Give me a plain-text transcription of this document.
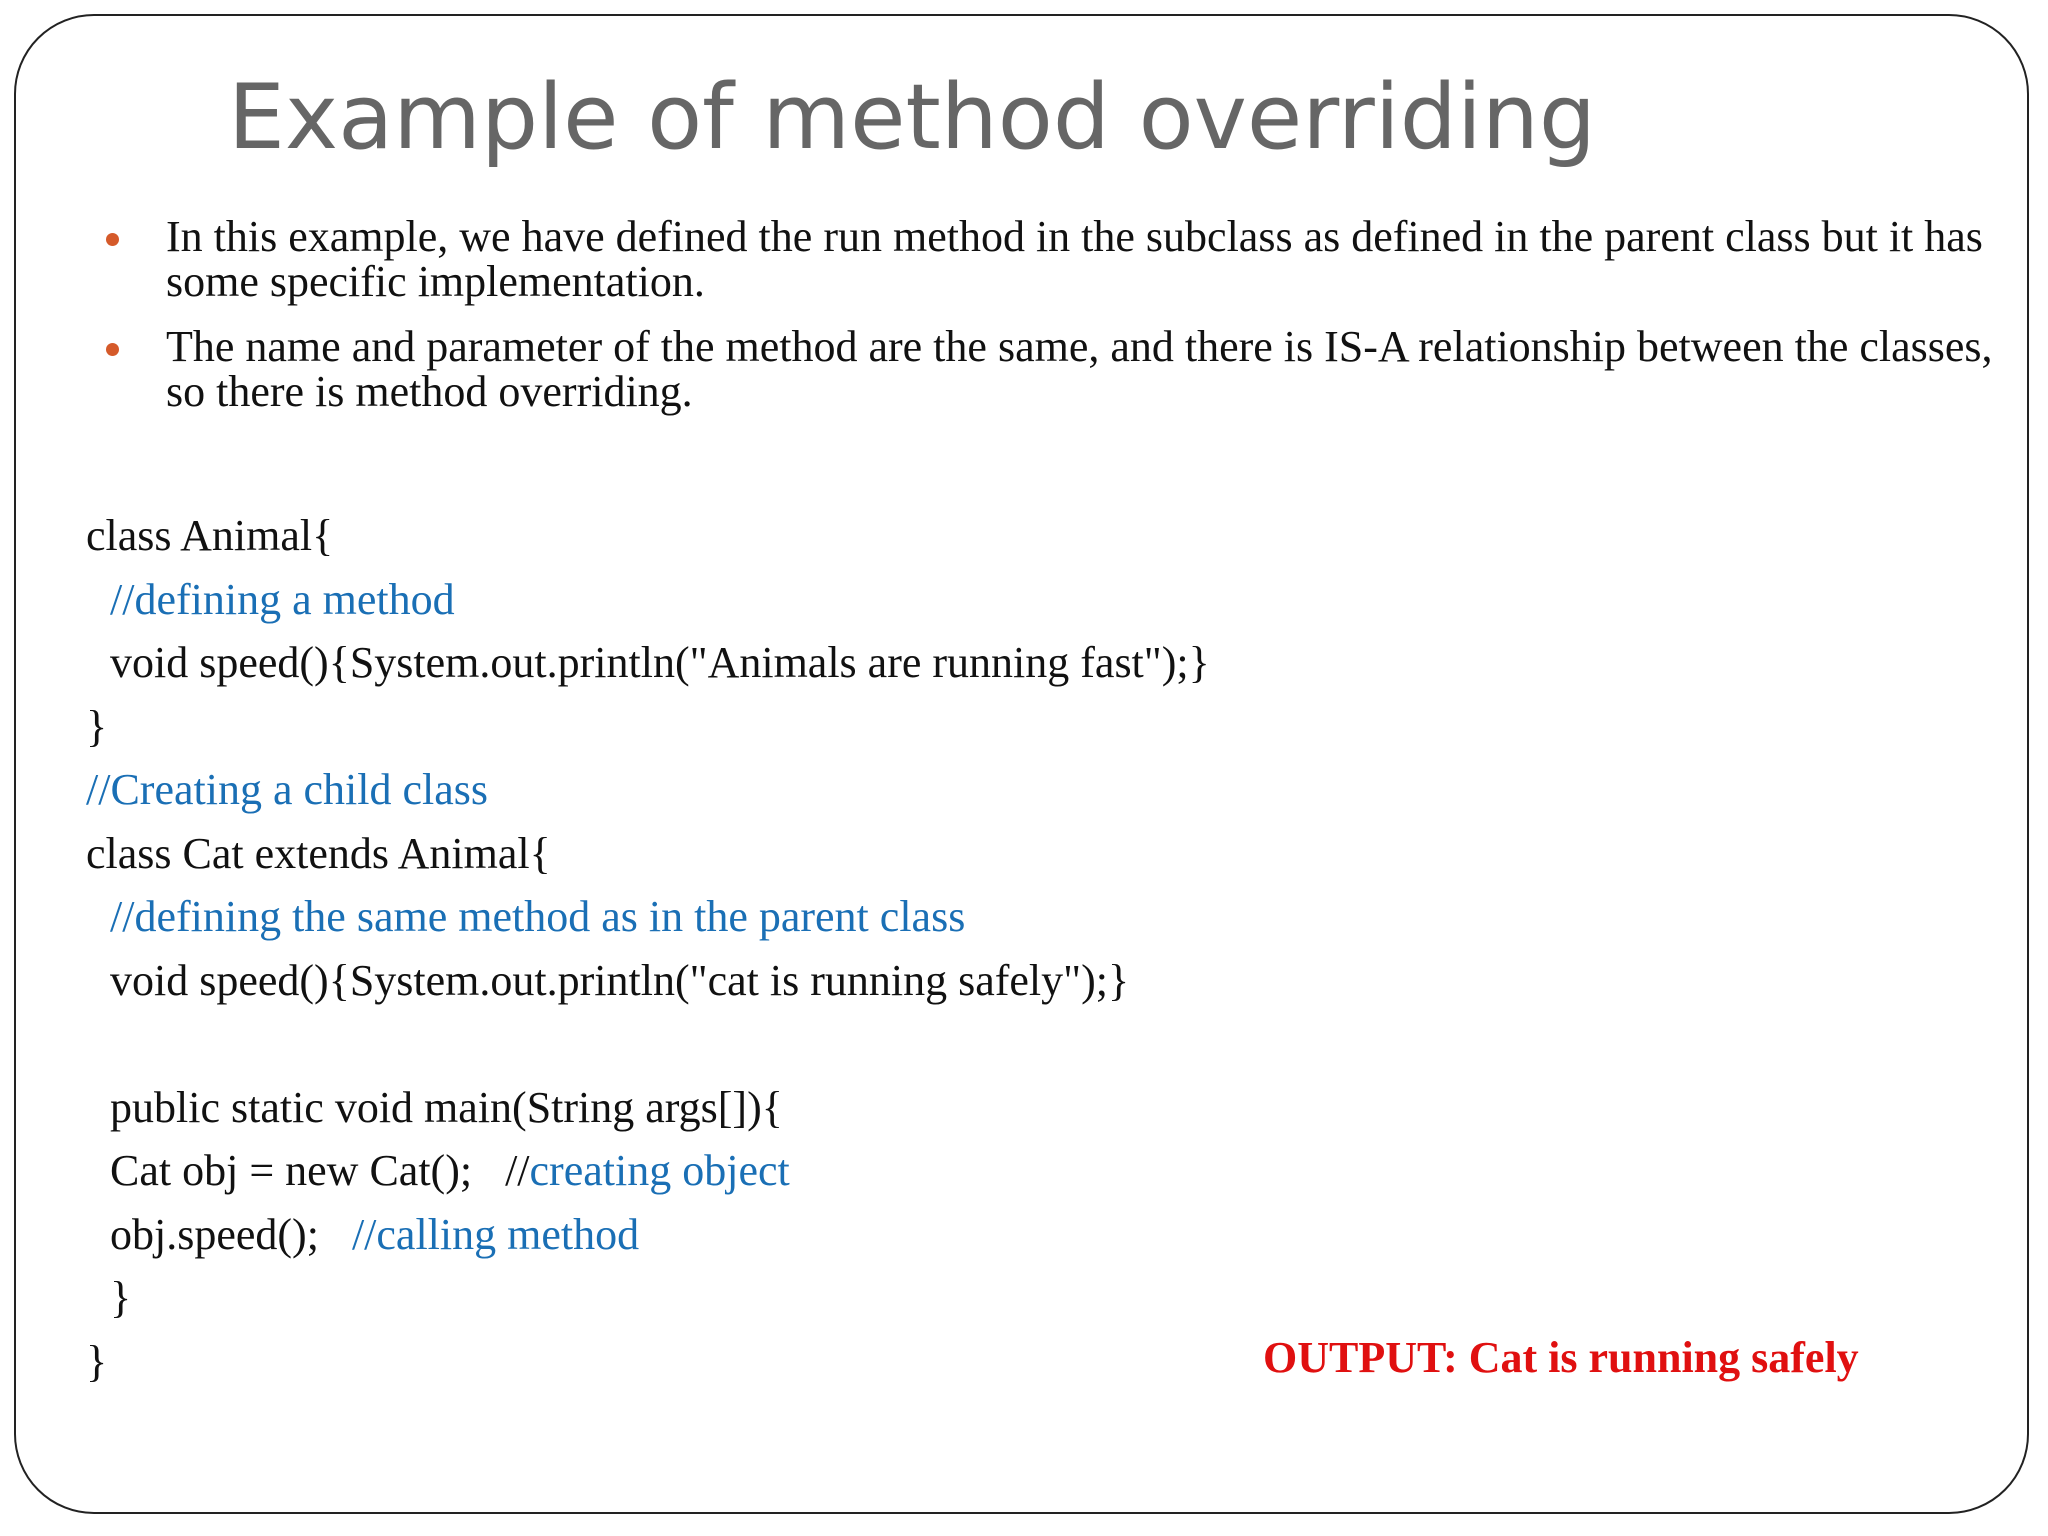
Example of method overriding
In this example, we have defined the run method in the subclass as defined in the parent class but it has some specific implementation.
The name and parameter of the method are the same, and there is IS-A relationship between the classes, so there is method overriding.
class Animal{
//defining a method
void speed(){System.out.println("Animals are running fast");}
}
//Creating a child class
class Cat extends Animal{
//defining the same method as in the parent class
void speed(){System.out.println("cat is running safely");}
public static void main(String args[]){
Cat obj = new Cat();   //creating object
obj.speed();   //calling method
}
}	OUTPUT: Cat is running safely
